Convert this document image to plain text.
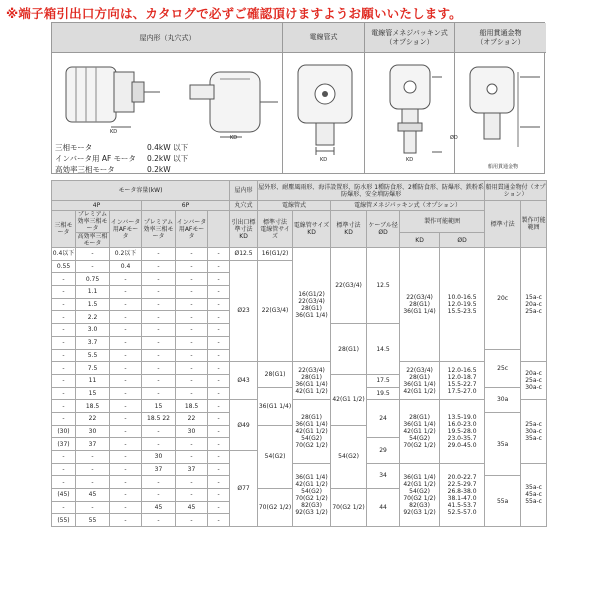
※端子箱引出口方向は、カタログで必ずご確認頂けますようお願いいたします。
屋内形（丸穴式）	電線管式
電線管メネジパッキン式
（オプション）
船用貫通金物
（オプション）
KD
KD
KD	KD
ØD
船用貫通金物
三相モータ	0.4kW 以下
インバータ用 AF モータ 0.2kW 以下
高効率三相モータ	0.2kW
モータ容量(kW)						屋内形	屋外形、耐塵風雨形、海洋設置形、防水形 1種防食形、2種防食形、防爆形、鉄粉系防爆形、安全増防爆形						船用貫通金物付（オプション）	
4P			6P			丸穴式	電線管式		電線管メネジパッキン式（オプション）				標準寸法	製作可能範囲
三相モータ	プレミアム効率三相モータ	インバータ用AFモータ	プレミアム効率三相モータ	インバータ用AFモータ		引出口標準寸法
KD	標準寸法
電線管サイズ	電線管サイズ
KD	標準寸法
KD	ケーブル径
ØD	製作可能範囲			
	高効率三相モータ										KD	ØD		
0.4以下	-	0.2以下	-	-	-	Ø12.5	16(G1/2)	16(G1/2) 22(G3/4) 28(G1) 36(G1 1/4)	22(G3/4)	12.5	22(G3/4) 28(G1) 36(G1 1/4)	10.0-16.5 12.0-19.5 15.5-23.5	20c	15a-c 20a-c 25a-c
0.55	-	0.4	-	-	-	Ø23	22(G3/4)							
-	0.75	-	-	-	-									
-	1.1	-	-	-	-									
-	1.5	-	-	-	-									
-	2.2	-	-	-	-									
-	3.0	-	-	-	-				28(G1)	14.5				
-	3.7	-	-	-	-									
-	5.5	-	-	-	-								25c	
-	7.5	-	-	-	-	Ø43	28(G1)	22(G3/4) 28(G1) 36(G1 1/4) 42(G1 1/2)			22(G3/4) 28(G1) 36(G1 1/4) 42(G1 1/2)	12.0-16.5 12.0-18.7 15.5-22.7 17.5-27.0		20a-c 25a-c 30a-c
-	11	-	-	-	-				42(G1 1/2)	17.5				
-	15	-	-	-	-		36(G1 1/4)			19.5			30a	
-	18.5	-	15	18.5	-	Ø49		28(G1) 36(G1 1/4) 42(G1 1/2) 54(G2) 70(G2 1/2)		24	28(G1) 36(G1 1/4) 42(G1 1/2) 54(G2) 70(G2 1/2)	13.5-19.0 16.0-23.0 19.5-28.0 23.0-35.7 29.0-45.0		25a-c 30a-c 35a-c
-	22	-	18.5 22	22	-								35a	
(30)	30	-	-	30	-		54(G2)		54(G2)					
(37)	37	-	-	-	-					29				
-	-	-	30	-	-	Ø77								
-	-	-	37	37	-			36(G1 1/4) 42(G1 1/2) 54(G2) 70(G2 1/2) 82(G3) 92(G3 1/2)		34	36(G1 1/4) 42(G1 1/2) 54(G2) 70(G2 1/2) 82(G3) 92(G3 1/2)	20.0-22.7 22.5-29.7 26.8-38.0 38.1-47.0 41.5-53.7 52.5-57.0		35a-c 45a-c 55a-c
-	-	-	-	-	-								55a	
(45)	45	-	-	-	-		70(G2 1/2)		70(G2 1/2)	44				
-	-	-	45	45	-									
(55)	55	-	-	-	-									
